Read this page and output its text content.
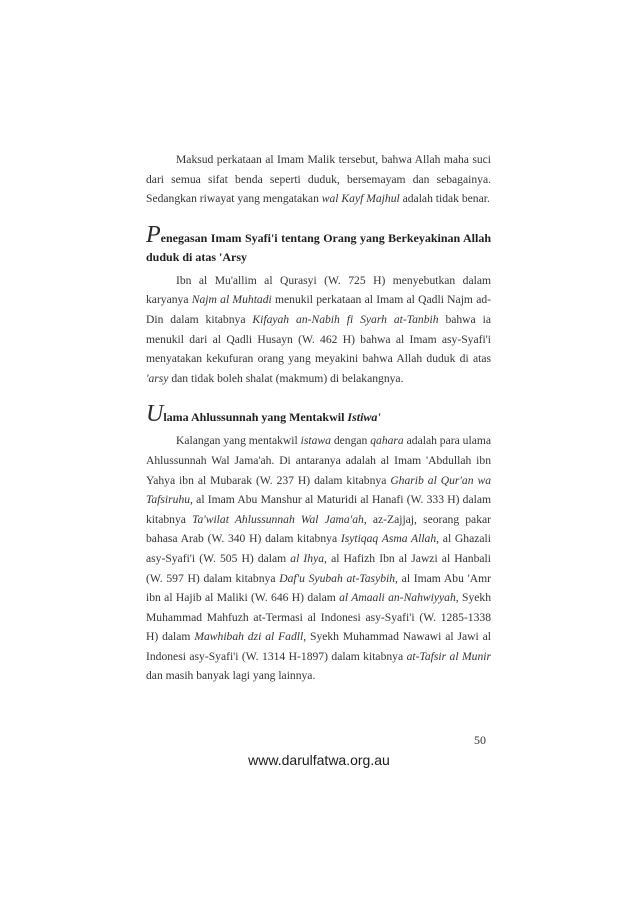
Maksud perkataan al Imam Malik tersebut, bahwa Allah maha suci dari semua sifat benda seperti duduk, bersemayam dan sebagainya. Sedangkan riwayat yang mengatakan wal Kayf Majhul adalah tidak benar.

Penegasan Imam Syafi'i tentang Orang yang Berkeyakinan Allah duduk di atas 'Arsy

Ibn al Mu'allim al Qurasyi (W. 725 H) menyebutkan dalam karyanya Najm al Muhtadi menukil perkataan al Imam al Qadli Najm ad-Din dalam kitabnya Kifayah an-Nabih fi Syarh at-Tanbih bahwa ia menukil dari al Qadli Husayn (W. 462 H) bahwa al Imam asy-Syafi'i menyatakan kekufuran orang yang meyakini bahwa Allah duduk di atas 'arsy dan tidak boleh shalat (makmum) di belakangnya.

Ulama Ahlussunnah yang Mentakwil Istiwa'

Kalangan yang mentakwil istawa dengan qahara adalah para ulama Ahlussunnah Wal Jama'ah. Di antaranya adalah al Imam 'Abdullah ibn Yahya ibn al Mubarak (W. 237 H) dalam kitabnya Gharib al Qur'an wa Tafsiruhu, al Imam Abu Manshur al Maturidi al Hanafi (W. 333 H) dalam kitabnya Ta'wilat Ahlussunnah Wal Jama'ah, az-Zajjaj, seorang pakar bahasa Arab (W. 340 H) dalam kitabnya Isytiqaq Asma Allah, al Ghazali asy-Syafi'i (W. 505 H) dalam al Ihya, al Hafizh Ibn al Jawzi al Hanbali (W. 597 H) dalam kitabnya Daf'u Syubah at-Tasybih, al Imam Abu 'Amr ibn al Hajib al Maliki (W. 646 H) dalam al Amaali an-Nahwiyyah, Syekh Muhammad Mahfuzh at-Termasi al Indonesi asy-Syafi'i (W. 1285-1338 H) dalam Mawhibah dzi al Fadll, Syekh Muhammad Nawawi al Jawi al Indonesi asy-Syafi'i (W. 1314 H-1897) dalam kitabnya at-Tafsir al Munir dan masih banyak lagi yang lainnya.

50
www.darulfatwa.org.au
